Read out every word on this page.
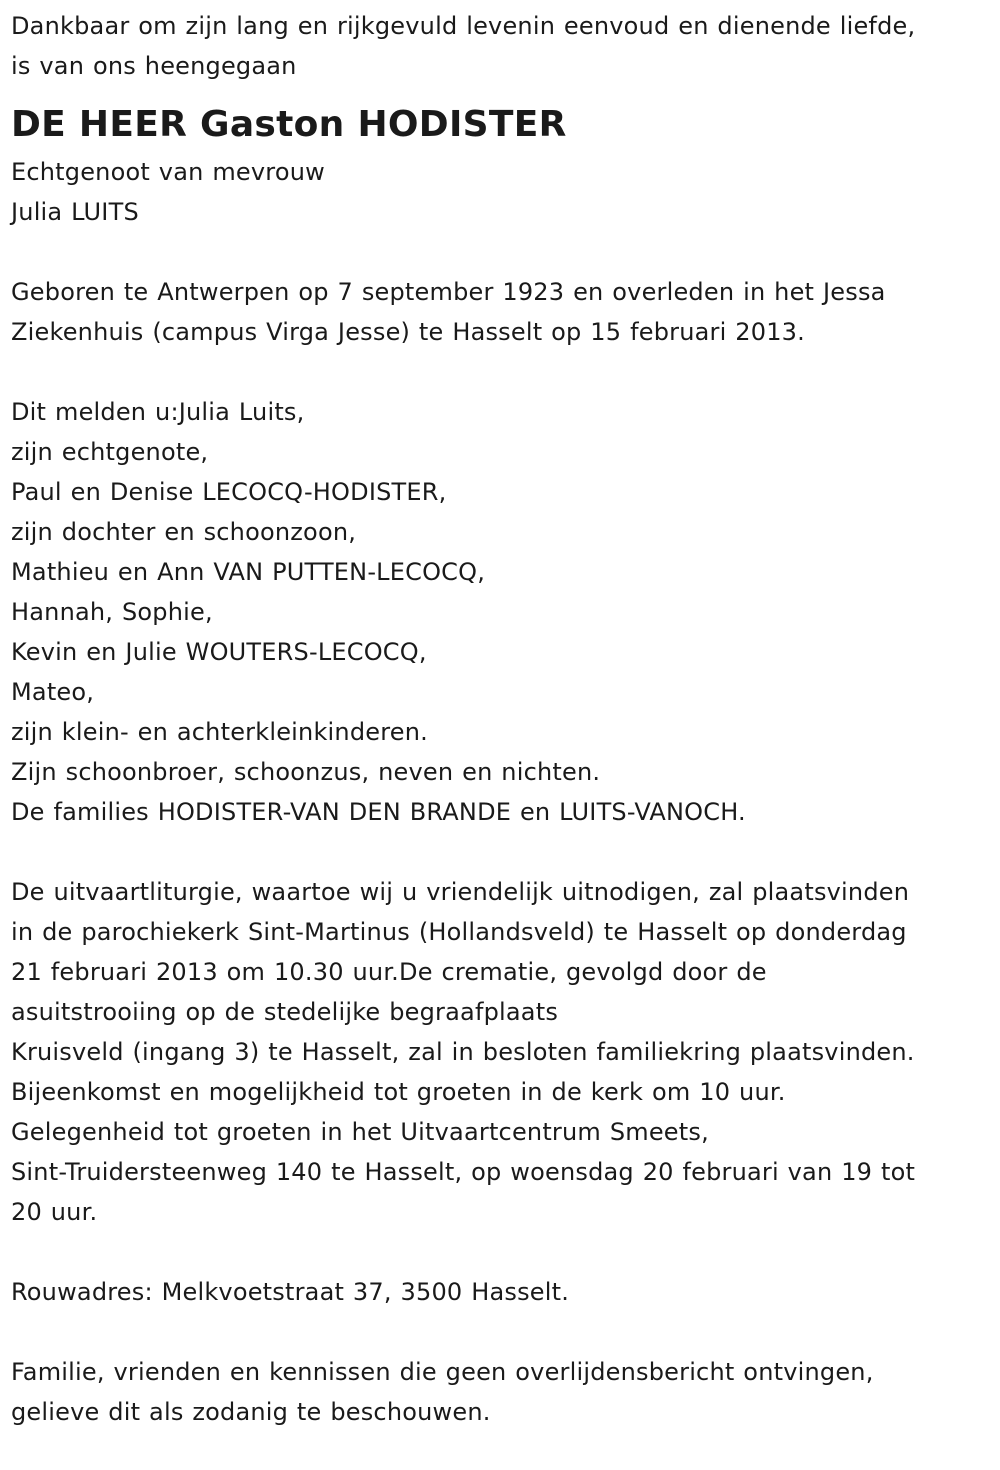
Dankbaar om zijn lang en rijkgevuld levenin eenvoud en dienende liefde,
is van ons heengegaan
DE HEER Gaston HODISTER
Echtgenoot van mevrouw
Julia LUITS
Geboren te Antwerpen op 7 september 1923 en overleden in het Jessa
Ziekenhuis (campus Virga Jesse) te Hasselt op 15 februari 2013.
Dit melden u:Julia Luits,
zijn echtgenote,
Paul en Denise LECOCQ-HODISTER,
zijn dochter en schoonzoon,
Mathieu en Ann VAN PUTTEN-LECOCQ,
Hannah, Sophie,
Kevin en Julie WOUTERS-LECOCQ,
Mateo,
zijn klein- en achterkleinkinderen.
Zijn schoonbroer, schoonzus, neven en nichten.
De families HODISTER-VAN DEN BRANDE en LUITS-VANOCH.
De uitvaartliturgie, waartoe wij u vriendelijk uitnodigen, zal plaatsvinden
in de parochiekerk Sint-Martinus (Hollandsveld) te Hasselt op donderdag
21 februari 2013 om 10.30 uur.De crematie, gevolgd door de
asuitstrooiing op de stedelijke begraafplaats
Kruisveld (ingang 3) te Hasselt, zal in besloten familiekring plaatsvinden.
Bijeenkomst en mogelijkheid tot groeten in de kerk om 10 uur.
Gelegenheid tot groeten in het Uitvaartcentrum Smeets,
Sint-Truidersteenweg 140 te Hasselt, op woensdag 20 februari van 19 tot
20 uur.
Rouwadres: Melkvoetstraat 37, 3500 Hasselt.
Familie, vrienden en kennissen die geen overlijdensbericht ontvingen,
gelieve dit als zodanig te beschouwen.
